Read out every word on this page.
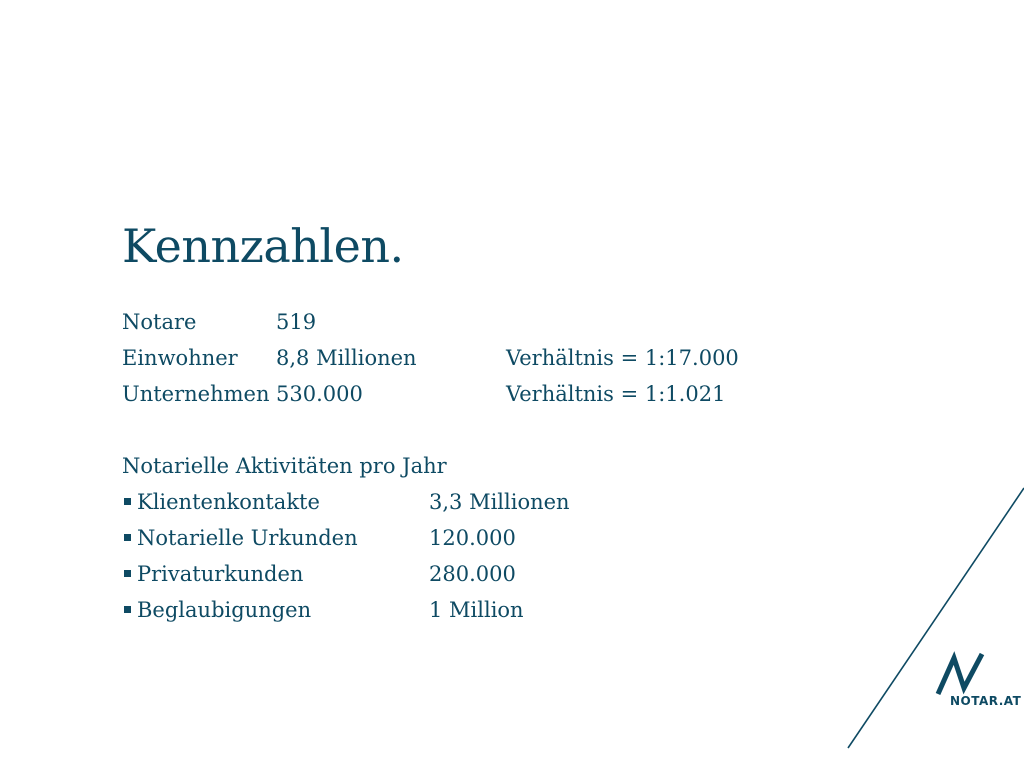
Kennzahlen.
Notare	519
Einwohner 8,8 Millionen	Verhältnis = 1:17.000
Unternehmen 530.000	Verhältnis = 1:1.021
Notarielle Aktivitäten pro Jahr
Klientenkontakte	3,3 Millionen
Notarielle Urkunden	120.000
Privaturkunden	280.000
Beglaubigungen	1 Million
NOTAR.AT
